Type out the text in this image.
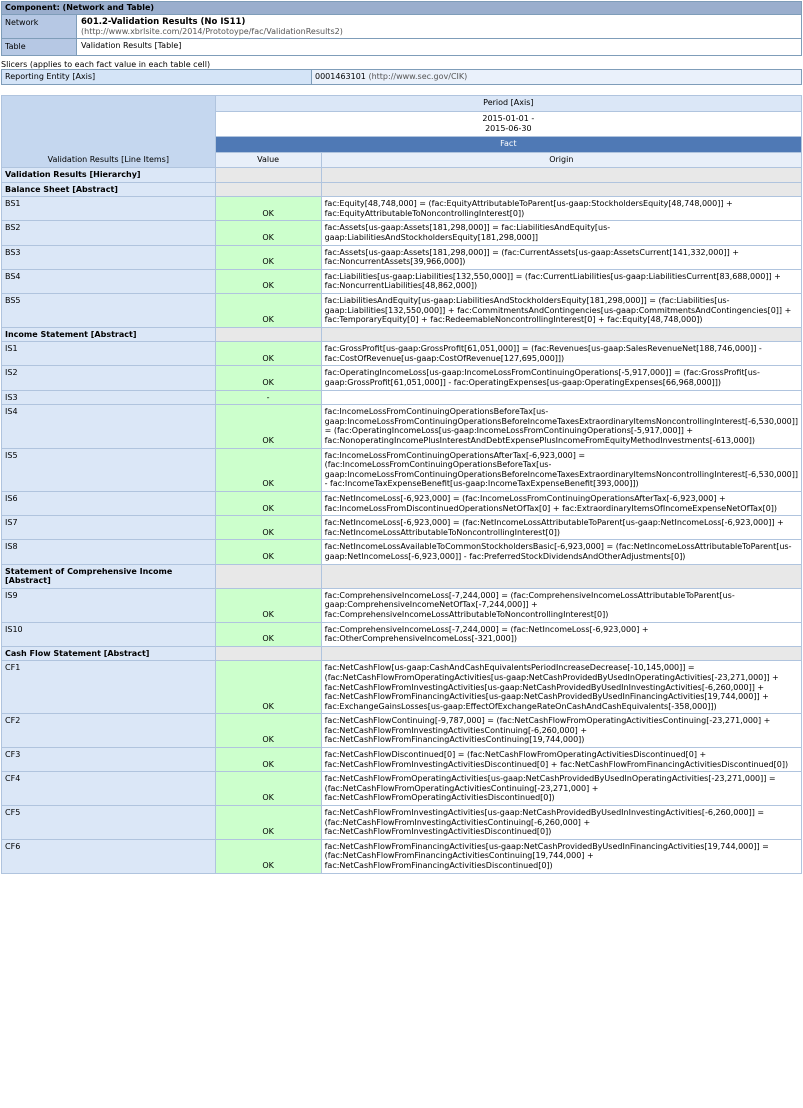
Component: (Network and Table)	
Network	601.2-Validation Results (No IS11)
(http://www.xbrlsite.com/2014/Prototoype/fac/ValidationResults2)

Table	Validation Results [Table]
Slicers (applies to each fact value in each table cell)
Reporting Entity [Axis]	0001463101 (http://www.sec.gov/CIK)
Validation Results [Line Items]	Period [Axis]	

	2015-01-01 -
2015-06-30	

	Fact	
	Value	Origin
Validation Results [Hierarchy]		
Balance Sheet [Abstract]		
BS1	OK	fac:Equity[48,748,000] = (fac:EquityAttributableToParent[us-gaap:StockholdersEquity[48,748,000]] + fac:EquityAttributableToNoncontrollingInterest[0])
BS2	OK	fac:Assets[us-gaap:Assets[181,298,000]] = fac:LiabilitiesAndEquity[us-gaap:LiabilitiesAndStockholdersEquity[181,298,000]]
BS3	OK	fac:Assets[us-gaap:Assets[181,298,000]] = (fac:CurrentAssets[us-gaap:AssetsCurrent[141,332,000]] + fac:NoncurrentAssets[39,966,000])
BS4	OK	fac:Liabilities[us-gaap:Liabilities[132,550,000]] = (fac:CurrentLiabilities[us-gaap:LiabilitiesCurrent[83,688,000]] + fac:NoncurrentLiabilities[48,862,000])
BS5	OK	fac:LiabilitiesAndEquity[us-gaap:LiabilitiesAndStockholdersEquity[181,298,000]] = (fac:Liabilities[us-gaap:Liabilities[132,550,000]] + fac:CommitmentsAndContingencies[us-gaap:CommitmentsAndContingencies[0]] + fac:TemporaryEquity[0] + fac:RedeemableNoncontrollingInterest[0] + fac:Equity[48,748,000])
Income Statement [Abstract]		
IS1	OK	fac:GrossProfit[us-gaap:GrossProfit[61,051,000]] = (fac:Revenues[us-gaap:SalesRevenueNet[188,746,000]] - fac:CostOfRevenue[us-gaap:CostOfRevenue[127,695,000]])
IS2	OK	fac:OperatingIncomeLoss[us-gaap:IncomeLossFromContinuingOperations[-5,917,000]] = (fac:GrossProfit[us-gaap:GrossProfit[61,051,000]] - fac:OperatingExpenses[us-gaap:OperatingExpenses[66,968,000]])
IS3	-	
IS4	OK	fac:IncomeLossFromContinuingOperationsBeforeTax[us-gaap:IncomeLossFromContinuingOperationsBeforeIncomeTaxesExtraordinaryItemsNoncontrollingInterest[-6,530,000]] = (fac:OperatingIncomeLoss[us-gaap:IncomeLossFromContinuingOperations[-5,917,000]] + fac:NonoperatingIncomePlusInterestAndDebtExpensePlusIncomeFromEquityMethodInvestments[-613,000])
IS5	OK	fac:IncomeLossFromContinuingOperationsAfterTax[-6,923,000] = (fac:IncomeLossFromContinuingOperationsBeforeTax[us-gaap:IncomeLossFromContinuingOperationsBeforeIncomeTaxesExtraordinaryItemsNoncontrollingInterest[-6,530,000]] - fac:IncomeTaxExpenseBenefit[us-gaap:IncomeTaxExpenseBenefit[393,000]])
IS6	OK	fac:NetIncomeLoss[-6,923,000] = (fac:IncomeLossFromContinuingOperationsAfterTax[-6,923,000] + fac:IncomeLossFromDiscontinuedOperationsNetOfTax[0] + fac:ExtraordinaryItemsOfIncomeExpenseNetOfTax[0])
IS7	OK	fac:NetIncomeLoss[-6,923,000] = (fac:NetIncomeLossAttributableToParent[us-gaap:NetIncomeLoss[-6,923,000]] + fac:NetIncomeLossAttributableToNoncontrollingInterest[0])
IS8	OK	fac:NetIncomeLossAvailableToCommonStockholdersBasic[-6,923,000] = (fac:NetIncomeLossAttributableToParent[us-gaap:NetIncomeLoss[-6,923,000]] - fac:PreferredStockDividendsAndOtherAdjustments[0])
Statement of Comprehensive Income [Abstract]		
IS9	OK	fac:ComprehensiveIncomeLoss[-7,244,000] = (fac:ComprehensiveIncomeLossAttributableToParent[us-gaap:ComprehensiveIncomeNetOfTax[-7,244,000]] + fac:ComprehensiveIncomeLossAttributableToNoncontrollingInterest[0])
IS10	OK	fac:ComprehensiveIncomeLoss[-7,244,000] = (fac:NetIncomeLoss[-6,923,000] + fac:OtherComprehensiveIncomeLoss[-321,000])
Cash Flow Statement [Abstract]		
CF1	OK	fac:NetCashFlow[us-gaap:CashAndCashEquivalentsPeriodIncreaseDecrease[-10,145,000]] = (fac:NetCashFlowFromOperatingActivities[us-gaap:NetCashProvidedByUsedInOperatingActivities[-23,271,000]] + fac:NetCashFlowFromInvestingActivities[us-gaap:NetCashProvidedByUsedInInvestingActivities[-6,260,000]] + fac:NetCashFlowFromFinancingActivities[us-gaap:NetCashProvidedByUsedInFinancingActivities[19,744,000]] + fac:ExchangeGainsLosses[us-gaap:EffectOfExchangeRateOnCashAndCashEquivalents[-358,000]])
CF2	OK	fac:NetCashFlowContinuing[-9,787,000] = (fac:NetCashFlowFromOperatingActivitiesContinuing[-23,271,000] + fac:NetCashFlowFromInvestingActivitiesContinuing[-6,260,000] + fac:NetCashFlowFromFinancingActivitiesContinuing[19,744,000])
CF3	OK	fac:NetCashFlowDiscontinued[0] = (fac:NetCashFlowFromOperatingActivitiesDiscontinued[0] + fac:NetCashFlowFromInvestingActivitiesDiscontinued[0] + fac:NetCashFlowFromFinancingActivitiesDiscontinued[0])
CF4	OK	fac:NetCashFlowFromOperatingActivities[us-gaap:NetCashProvidedByUsedInOperatingActivities[-23,271,000]] = (fac:NetCashFlowFromOperatingActivitiesContinuing[-23,271,000] + fac:NetCashFlowFromOperatingActivitiesDiscontinued[0])
CF5	OK	fac:NetCashFlowFromInvestingActivities[us-gaap:NetCashProvidedByUsedInInvestingActivities[-6,260,000]] = (fac:NetCashFlowFromInvestingActivitiesContinuing[-6,260,000] + fac:NetCashFlowFromInvestingActivitiesDiscontinued[0])
CF6	OK	fac:NetCashFlowFromFinancingActivities[us-gaap:NetCashProvidedByUsedInFinancingActivities[19,744,000]] = (fac:NetCashFlowFromFinancingActivitiesContinuing[19,744,000] + fac:NetCashFlowFromFinancingActivitiesDiscontinued[0])
